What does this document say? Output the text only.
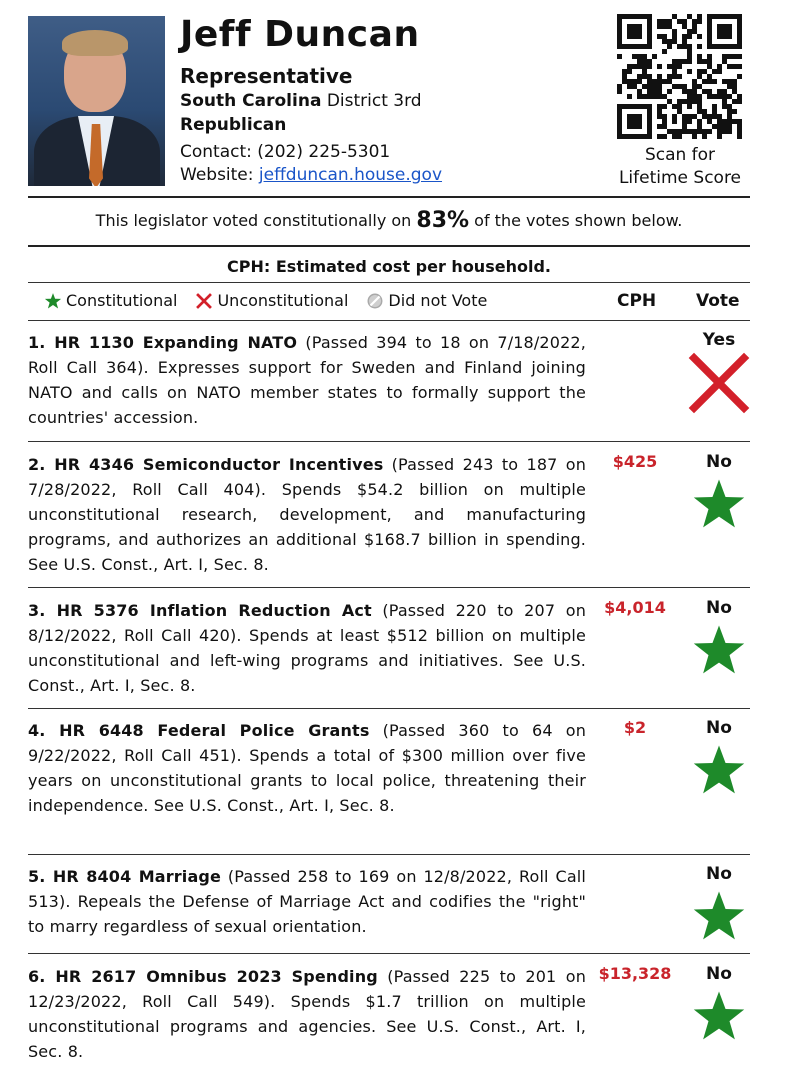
Jeff Duncan
Representative
South Carolina District 3rd
Republican
Contact: (202) 225-5301
Website: jeffduncan.house.gov
Scan for
Lifetime Score
This legislator voted constitutionally on 83% of the votes shown below.
CPH: Estimated cost per household.
Constitutional	Unconstitutional	Did not Vote	CPH Vote
1. HR 1130 Expanding NATO (Passed 394 to 18 on 7/18/2022, Roll Call 364). Expresses support for Sweden and Finland joining NATO and calls on NATO member states to formally support the countries' accession.
Yes
2. HR 4346 Semiconductor Incentives (Passed 243 to 187 on 7/28/2022, Roll Call 404). Spends $54.2 billion on multiple unconstitutional research, development, and manufacturing programs, and authorizes an additional $168.7 billion in spending. See U.S. Const., Art. I, Sec. 8.
$425	No
3. HR 5376 Inflation Reduction Act (Passed 220 to 207 on 8/12/2022, Roll Call 420). Spends at least $512 billion on multiple unconstitutional and left-wing programs and initiatives. See U.S. Const., Art. I, Sec. 8.
$4,014	No
4. HR 6448 Federal Police Grants (Passed 360 to 64 on 9/22/2022, Roll Call 451). Spends a total of $300 million over five years on unconstitutional grants to local police, threatening their independence. See U.S. Const., Art. I, Sec. 8.
$2	No
5. HR 8404 Marriage (Passed 258 to 169 on 12/8/2022, Roll Call 513). Repeals the Defense of Marriage Act and codifies the "right" to marry regardless of sexual orientation.
No
6. HR 2617 Omnibus 2023 Spending (Passed 225 to 201 on 12/23/2022, Roll Call 549). Spends $1.7 trillion on multiple unconstitutional programs and agencies. See U.S. Const., Art. I, Sec. 8.
$13,328	No
